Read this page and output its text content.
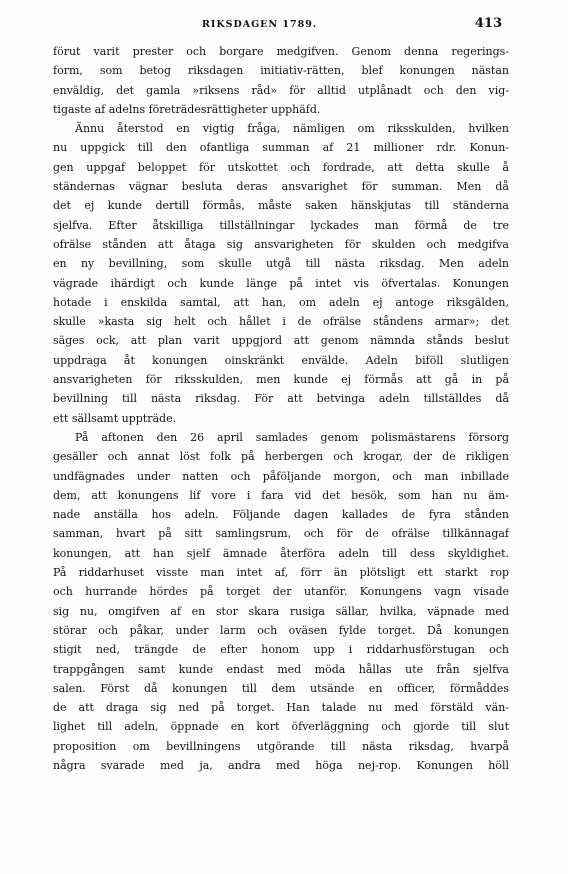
RIKSDAGEN 1789.	413
förut varit prester och borgare medgifven. Genom denna regerings-
form, som betog riksdagen initiativ-rätten, blef konungen nästan
enväldig, det gamla »riksens råd» för alltid utplånadt och den vig-
tigaste af adelns företrädesrättigheter upphäfd.
Ännu återstod en vigtig fråga, nämligen om riksskulden, hvilken
nu uppgick till den ofantliga summan af 21 millioner rdr. Konun-
gen uppgaf beloppet för utskottet och fordrade, att detta skulle å
ständernas vägnar besluta deras ansvarighet för summan. Men då
det ej kunde dertill förmås, måste saken hänskjutas till ständerna
sjelfva. Efter åtskilliga tillställningar lyckades man förmå de tre
ofrälse stånden att åtaga sig ansvarigheten för skulden och medgifva
en ny bevillning, som skulle utgå till nästa riksdag. Men adeln
vägrade ihärdigt och kunde länge på intet vis öfvertalas. Konungen
hotade i enskilda samtal, att han, om adeln ej antoge riksgälden,
skulle »kasta sig helt och hållet i de ofrälse ståndens armar»; det
säges ock, att plan varit uppgjord att genom nämnda stånds beslut
uppdraga åt konungen oinskränkt envälde. Adeln biföll slutligen
ansvarigheten för riksskulden, men kunde ej förmås att gå in på
bevillning till nästa riksdag. För att betvinga adeln tillställdes då
ett sällsamt uppträde.
På aftonen den 26 april samlades genom polismästarens försorg
gesäller och annat löst folk på herbergen och krogar, der de rikligen
undfägnades under natten och påföljande morgon, och man inbillade
dem, att konungens lif vore i fara vid det besök, som han nu äm-
nade anställa hos adeln. Följande dagen kallades de fyra stånden
samman, hvart på sitt samlingsrum, och för de ofrälse tillkännagaf
konungen, att han sjelf ämnade återföra adeln till dess skyldighet.
På riddarhuset visste man intet af, förr än plötsligt ett starkt rop
och hurrande hördes på torget der utanför. Konungens vagn visade
sig nu, omgifven af en stor skara rusiga sällar, hvilka, väpnade med
störar och påkar, under larm och oväsen fylde torget. Då konungen
stigit ned, trängde de efter honom upp i riddarhusförstugan och
trappgången samt kunde endast med möda hållas ute från sjelfva
salen. Först då konungen till dem utsände en officer, förmåddes
de att draga sig ned på torget. Han talade nu med förstäld vän-
lighet till adeln, öppnade en kort öfverläggning och gjorde till slut
proposition om bevillningens utgörande till nästa riksdag, hvarpå
några svarade med ja, andra med höga nej-rop. Konungen höll
